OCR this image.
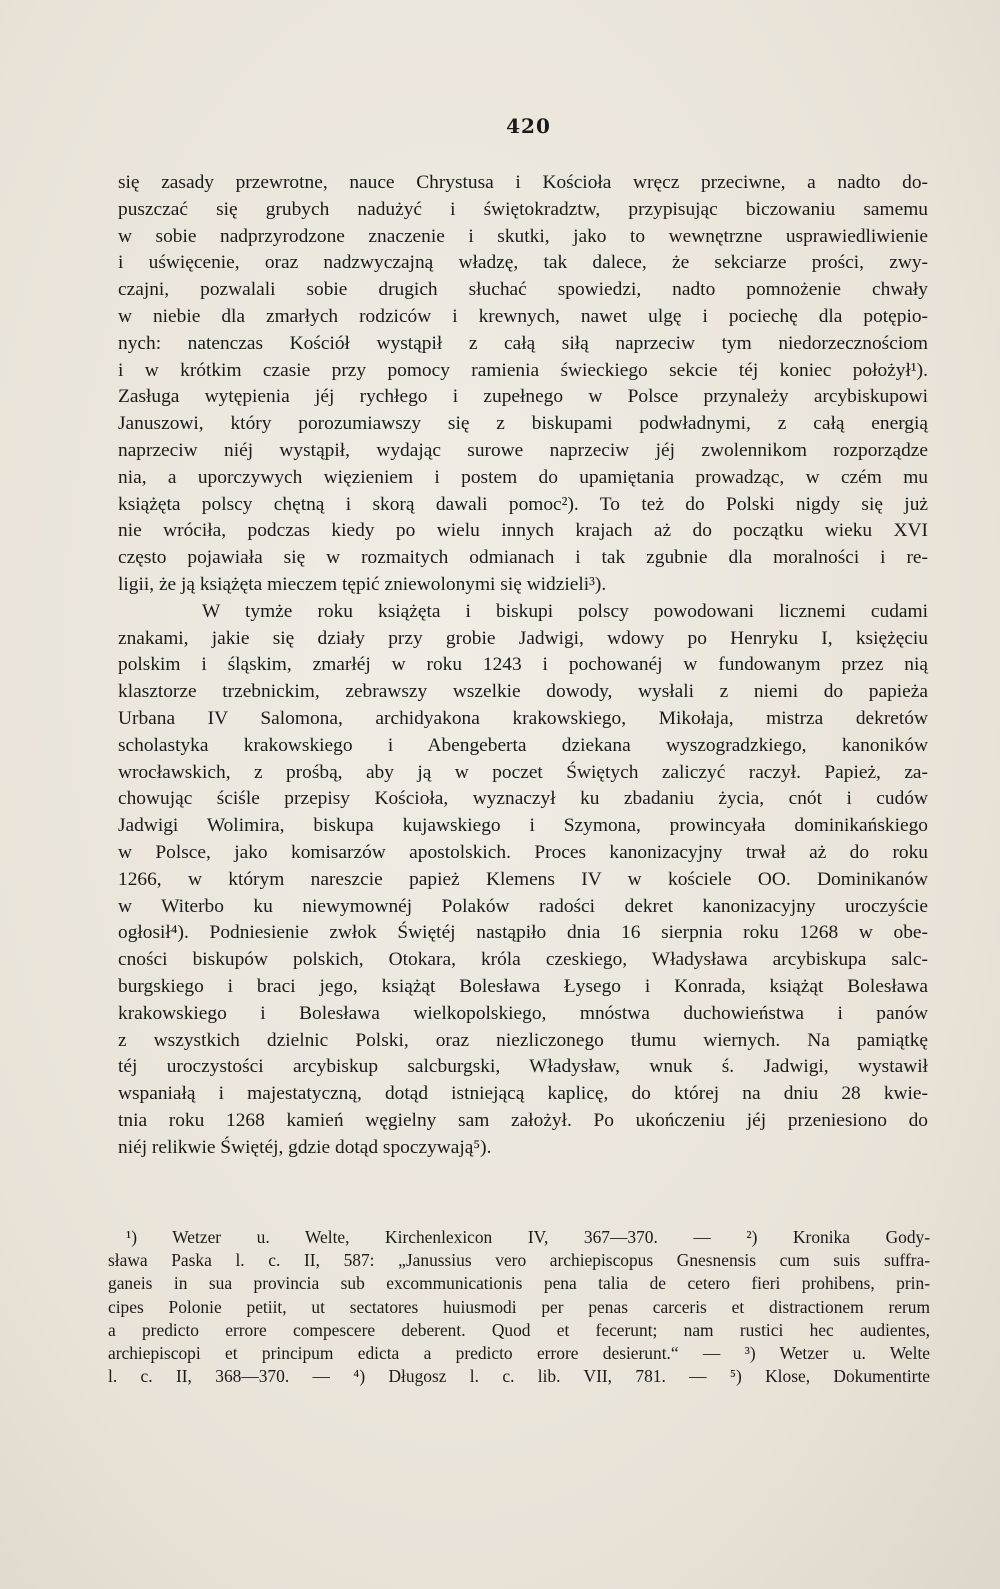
420
się zasady przewrotne, nauce Chrystusa i Kościoła wręcz przeciwne, a nadto do-
puszczać się grubych nadużyć i świętokradztw, przypisując biczowaniu samemu
w sobie nadprzyrodzone znaczenie i skutki, jako to wewnętrzne usprawiedliwienie
i uświęcenie, oraz nadzwyczajną władzę, tak dalece, że sekciarze prości, zwy-
czajni, pozwalali sobie drugich słuchać spowiedzi, nadto pomnożenie chwały
w niebie dla zmarłych rodziców i krewnych, nawet ulgę i pociechę dla potępio-
nych: natenczas Kościół wystąpił z całą siłą naprzeciw tym niedorzecznościom
i w krótkim czasie przy pomocy ramienia świeckiego sekcie téj koniec położył¹).
Zasługa wytępienia jéj rychłego i zupełnego w Polsce przynależy arcybiskupowi
Januszowi, który porozumiawszy się z biskupami podwładnymi, z całą energią
naprzeciw niéj wystąpił, wydając surowe naprzeciw jéj zwolennikom rozporządze
nia, a uporczywych więzieniem i postem do upamiętania prowadząc, w czém mu
książęta polscy chętną i skorą dawali pomoc²). To też do Polski nigdy się już
nie wróciła, podczas kiedy po wielu innych krajach aż do początku wieku XVI
często pojawiała się w rozmaitych odmianach i tak zgubnie dla moralności i re-
ligii, że ją książęta mieczem tępić zniewolonymi się widzieli³).
W tymże roku książęta i biskupi polscy powodowani licznemi cudami
znakami, jakie się działy przy grobie Jadwigi, wdowy po Henryku I, księżęciu
polskim i śląskim, zmarłéj w roku 1243 i pochowanéj w fundowanym przez nią
klasztorze trzebnickim, zebrawszy wszelkie dowody, wysłali z niemi do papieża
Urbana IV Salomona, archidyakona krakowskiego, Mikołaja, mistrza dekretów
scholastyka krakowskiego i Abengeberta dziekana wyszogradzkiego, kanoników
wrocławskich, z prośbą, aby ją w poczet Świętych zaliczyć raczył. Papież, za-
chowując ściśle przepisy Kościoła, wyznaczył ku zbadaniu życia, cnót i cudów
Jadwigi Wolimira, biskupa kujawskiego i Szymona, prowincyała dominikańskiego
w Polsce, jako komisarzów apostolskich. Proces kanonizacyjny trwał aż do roku
1266, w którym nareszcie papież Klemens IV w kościele OO. Dominikanów
w Witerbo ku niewymownéj Polaków radości dekret kanonizacyjny uroczyście
ogłosił⁴). Podniesienie zwłok Świętéj nastąpiło dnia 16 sierpnia roku 1268 w obe-
cności biskupów polskich, Otokara, króla czeskiego, Władysława arcybiskupa salc-
burgskiego i braci jego, książąt Bolesława Łysego i Konrada, książąt Bolesława
krakowskiego i Bolesława wielkopolskiego, mnóstwa duchowieństwa i panów
z wszystkich dzielnic Polski, oraz niezliczonego tłumu wiernych. Na pamiątkę
téj uroczystości arcybiskup salcburgski, Władysław, wnuk ś. Jadwigi, wystawił
wspaniałą i majestatyczną, dotąd istniejącą kaplicę, do której na dniu 28 kwie-
tnia roku 1268 kamień węgielny sam założył. Po ukończeniu jéj przeniesiono do
niéj relikwie Świętéj, gdzie dotąd spoczywają⁵).
¹) Wetzer u. Welte, Kirchenlexicon IV, 367—370. — ²) Kronika Gody-
sława Paska l. c. II, 587: „Janussius vero archiepiscopus Gnesnensis cum suis suffra-
ganeis in sua provincia sub excommunicationis pena talia de cetero fieri prohibens, prin-
cipes Polonie petiit, ut sectatores huiusmodi per penas carceris et distractionem rerum
a predicto errore compescere deberent. Quod et fecerunt; nam rustici hec audientes,
archiepiscopi et principum edicta a predicto errore desierunt.“ — ³) Wetzer u. Welte
l. c. II, 368—370. — ⁴) Długosz l. c. lib. VII, 781. — ⁵) Klose, Dokumentirte
